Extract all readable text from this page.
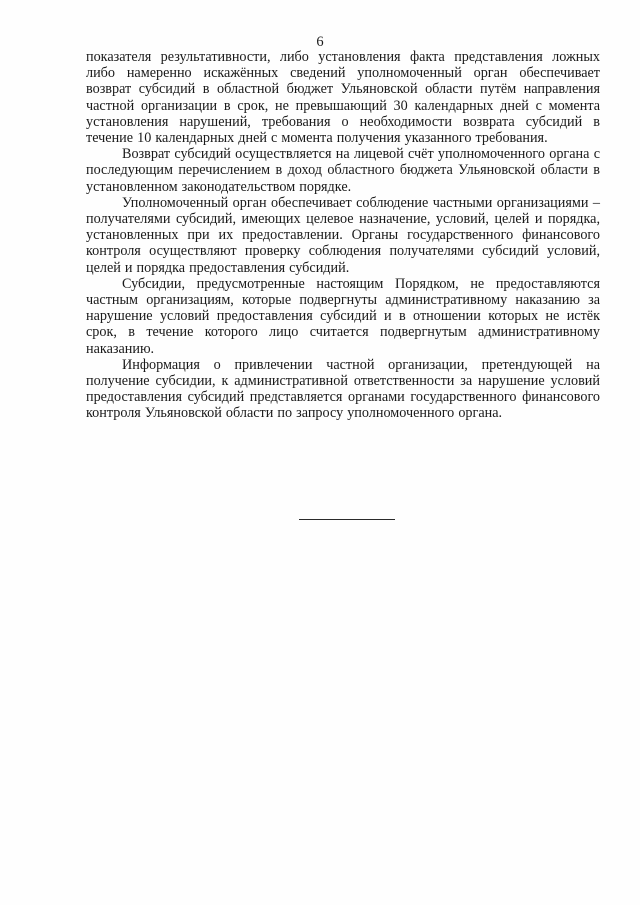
6

показателя результативности, либо установления факта представления ложных либо намеренно искажённых сведений уполномоченный орган обеспечивает возврат субсидий в областной бюджет Ульяновской области путём направления частной организации в срок, не превышающий 30 календарных дней с момента установления нарушений, требования о необходимости возврата субсидий в течение 10 календарных дней с момента получения указанного требования.

Возврат субсидий осуществляется на лицевой счёт уполномоченного органа с последующим перечислением в доход областного бюджета Ульяновской области в установленном законодательством порядке.

Уполномоченный орган обеспечивает соблюдение частными организациями – получателями субсидий, имеющих целевое назначение, условий, целей и порядка, установленных при их предоставлении. Органы государственного финансового контроля осуществляют проверку соблюдения получателями субсидий условий, целей и порядка предоставления субсидий.

Субсидии, предусмотренные настоящим Порядком, не предоставляются частным организациям, которые подвергнуты административному наказанию за нарушение условий предоставления субсидий и в отношении которых не истёк срок, в течение которого лицо считается подвергнутым административному наказанию.

Информация о привлечении частной организации, претендующей на получение субсидии, к административной ответственности за нарушение условий предоставления субсидий представляется органами государственного финансового контроля Ульяновской области по запросу уполномоченного органа.
